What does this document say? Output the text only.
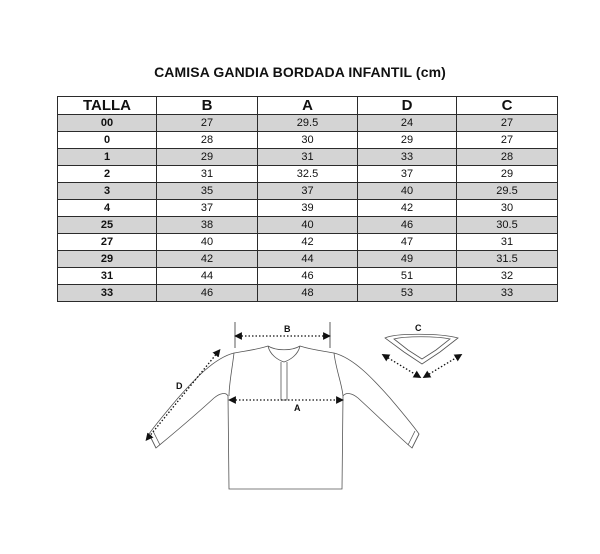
CAMISA GANDIA BORDADA INFANTIL (cm)
TALLA	B	A	D	C
00	27	29.5	24	27
0	28	30	29	27
1	29	31	33	28
2	31	32.5	37	29
3	35	37	40	29.5
4	37	39	42	30
25	38	40	46	30.5
27	40	42	47	31
29	42	44	49	31.5
31	44	46	51	32
33	46	48	53	33
B
A
D
C
